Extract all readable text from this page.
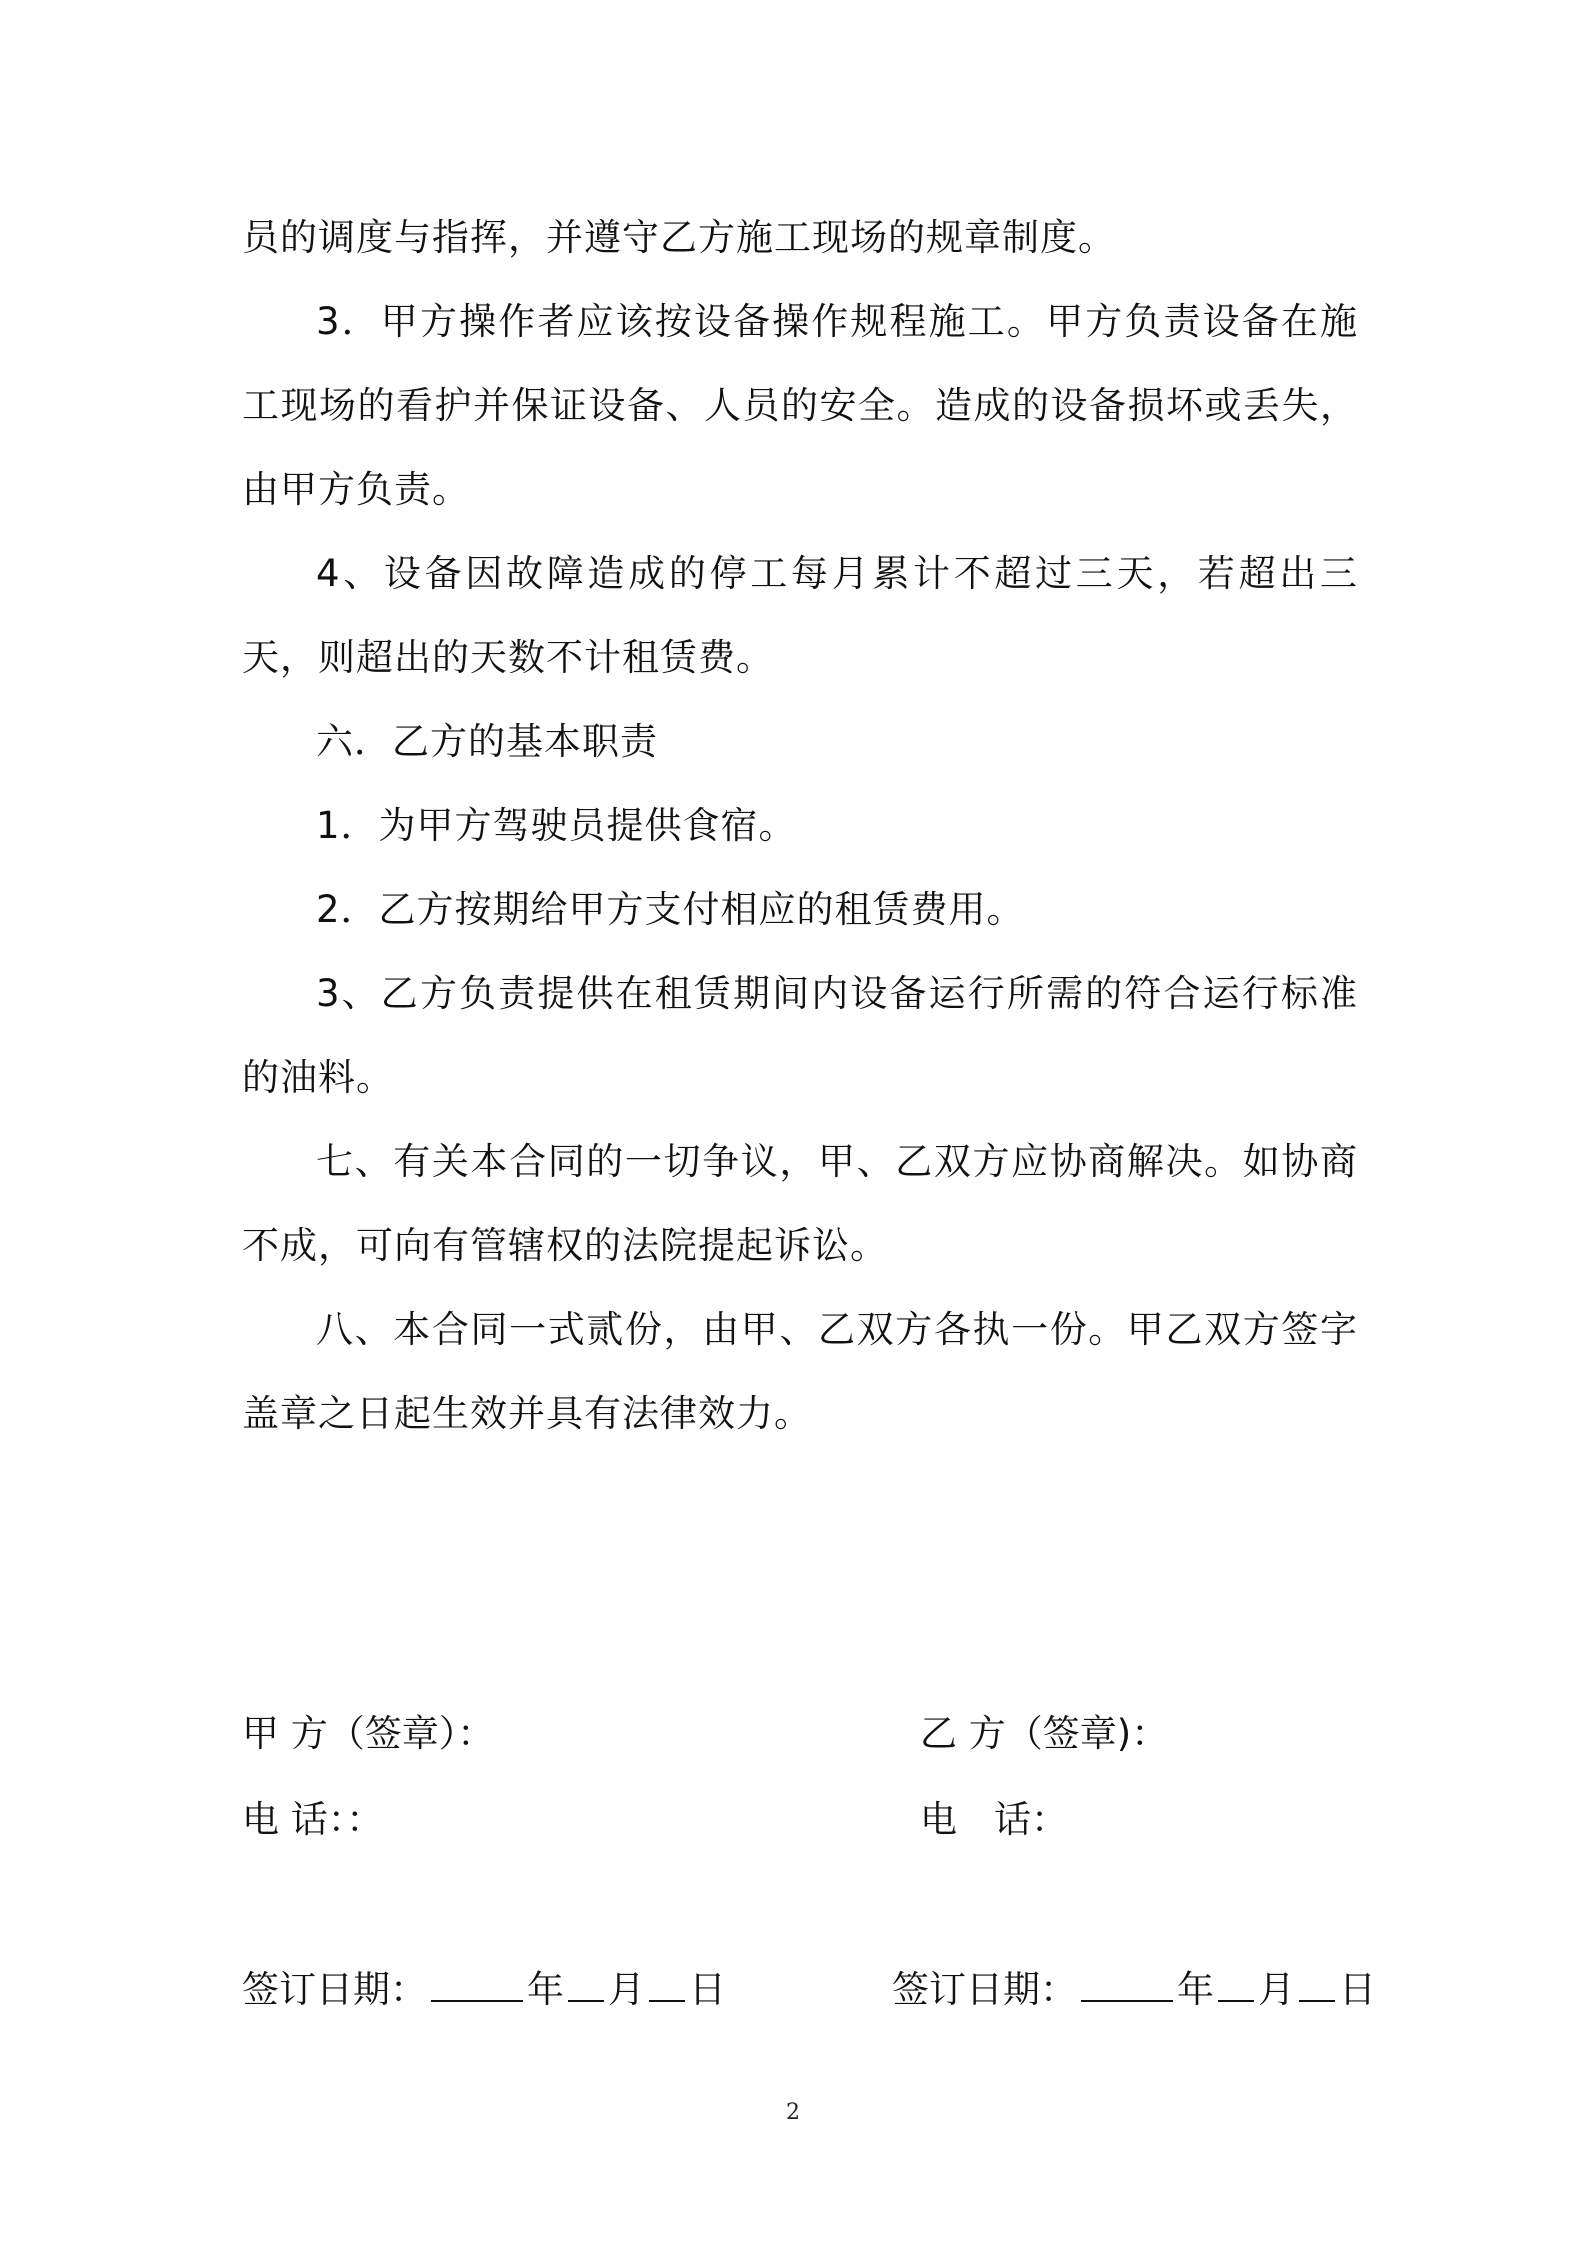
员的调度与指挥，并遵守乙方施工现场的规章制度。

3．甲方操作者应该按设备操作规程施工。甲方负责设备在施工现场的看护并保证设备、人员的安全。造成的设备损坏或丢失，由甲方负责。

4、设备因故障造成的停工每月累计不超过三天，若超出三天，则超出的天数不计租赁费。

六．乙方的基本职责

1．为甲方驾驶员提供食宿。

2．乙方按期给甲方支付相应的租赁费用。

3、乙方负责提供在租赁期间内设备运行所需的符合运行标准的油料。

七、有关本合同的一切争议，甲、乙双方应协商解决。如协商不成，可向有管辖权的法院提起诉讼。

八、本合同一式贰份，由甲、乙双方各执一份。甲乙双方签字盖章之日起生效并具有法律效力。

甲 方（签章）：	乙 方（签章)：
电 话：：	电　话：
签订日期：	年 月 日	签订日期：	年 月 日
2
